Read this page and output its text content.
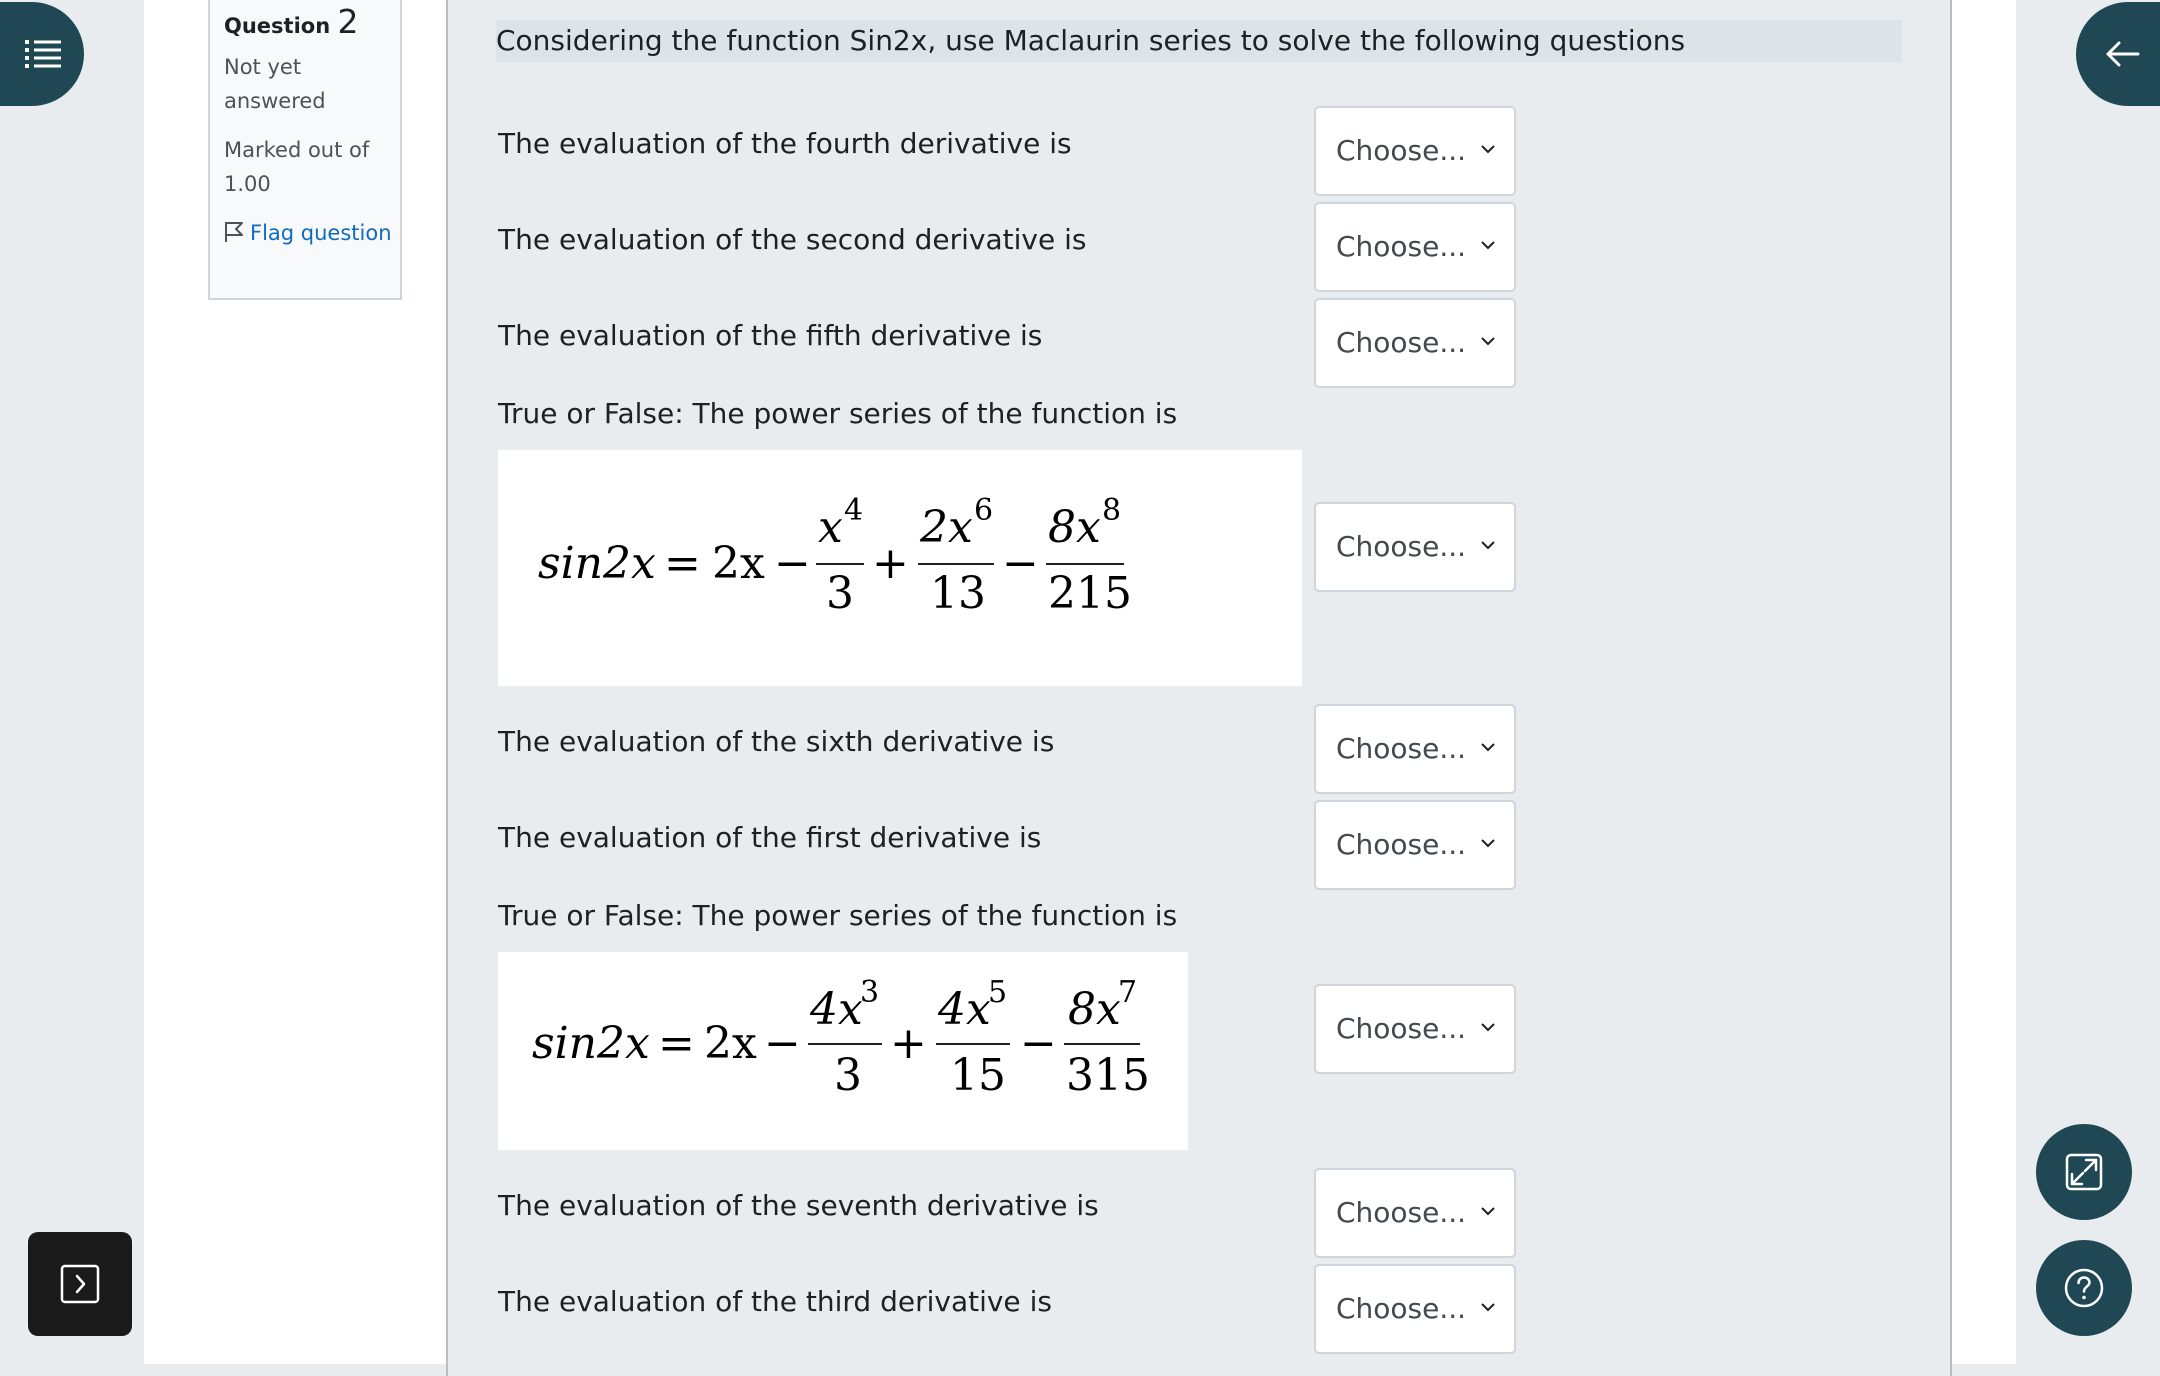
Question 2
Not yet answered
Marked out of 1.00
Flag question
Considering the function Sin2x, use Maclaurin series to solve the following questions
The evaluation of the fourth derivative is	Choose...
The evaluation of the second derivative is	Choose...
The evaluation of the fifth derivative is	Choose...
True or False: The power series of the function is
sin2x = 2x −
x 4
3
+
2x 6
13
−
8x 8
215
Choose...
The evaluation of the sixth derivative is	Choose...
The evaluation of the first derivative is	Choose...
True or False: The power series of the function is
sin2x = 2x −
4x
3
3
+
4x
5
15
−
8x
7
315
Choose...
The evaluation of the seventh derivative is	Choose...
The evaluation of the third derivative is	Choose...
